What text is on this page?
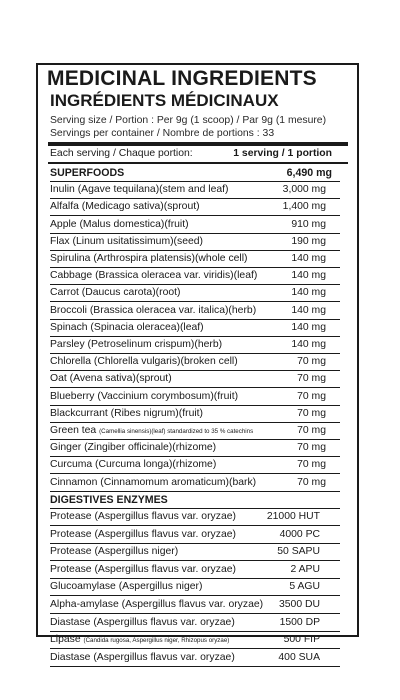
MEDICINAL INGREDIENTS
INGRÉDIENTS MÉDICINAUX
Serving size / Portion : Per 9g (1 scoop) / Par 9g (1 mesure)
Servings per container / Nombre de portions : 33
Each serving / Chaque portion:	1 serving / 1 portion
SUPERFOODS	6,490 mg
Inulin (Agave tequilana)(stem and leaf)	3,000 mg
Alfalfa (Medicago sativa)(sprout)	1,400 mg
Apple (Malus domestica)(fruit)	910 mg
Flax (Linum usitatissimum)(seed)	190 mg
Spirulina (Arthrospira platensis)(whole cell)	140 mg
Cabbage (Brassica oleracea var. viridis)(leaf)	140 mg
Carrot (Daucus carota)(root)	140 mg
Broccoli (Brassica oleracea var. italica)(herb)	140 mg
Spinach (Spinacia oleracea)(leaf)	140 mg
Parsley (Petroselinum crispum)(herb)	140 mg
Chlorella (Chlorella vulgaris)(broken cell)	70 mg
Oat (Avena sativa)(sprout)	70 mg
Blueberry (Vaccinium corymbosum)(fruit)	70 mg
Blackcurrant (Ribes nigrum)(fruit)	70 mg
Green tea (Camellia sinensis)(leaf) standardized to 35 % catechins	70 mg
Ginger (Zingiber officinale)(rhizome)	70 mg
Curcuma (Curcuma longa)(rhizome)	70 mg
Cinnamon (Cinnamomum aromaticum)(bark)	70 mg
DIGESTIVES ENZYMES
Protease (Aspergillus flavus var. oryzae)	21000 HUT
Protease (Aspergillus flavus var. oryzae)	4000 PC
Protease (Aspergillus niger)	50 SAPU
Protease (Aspergillus flavus var. oryzae)	2 APU
Glucoamylase (Aspergillus niger)	5 AGU
Alpha-amylase (Aspergillus flavus var. oryzae) 3500 DU
Diastase (Aspergillus flavus var. oryzae)	1500 DP
Lipase (Candida rugosa, Aspergillus niger, Rhizopus oryzae)	500 FIP
Diastase (Aspergillus flavus var. oryzae)	400 SUA
